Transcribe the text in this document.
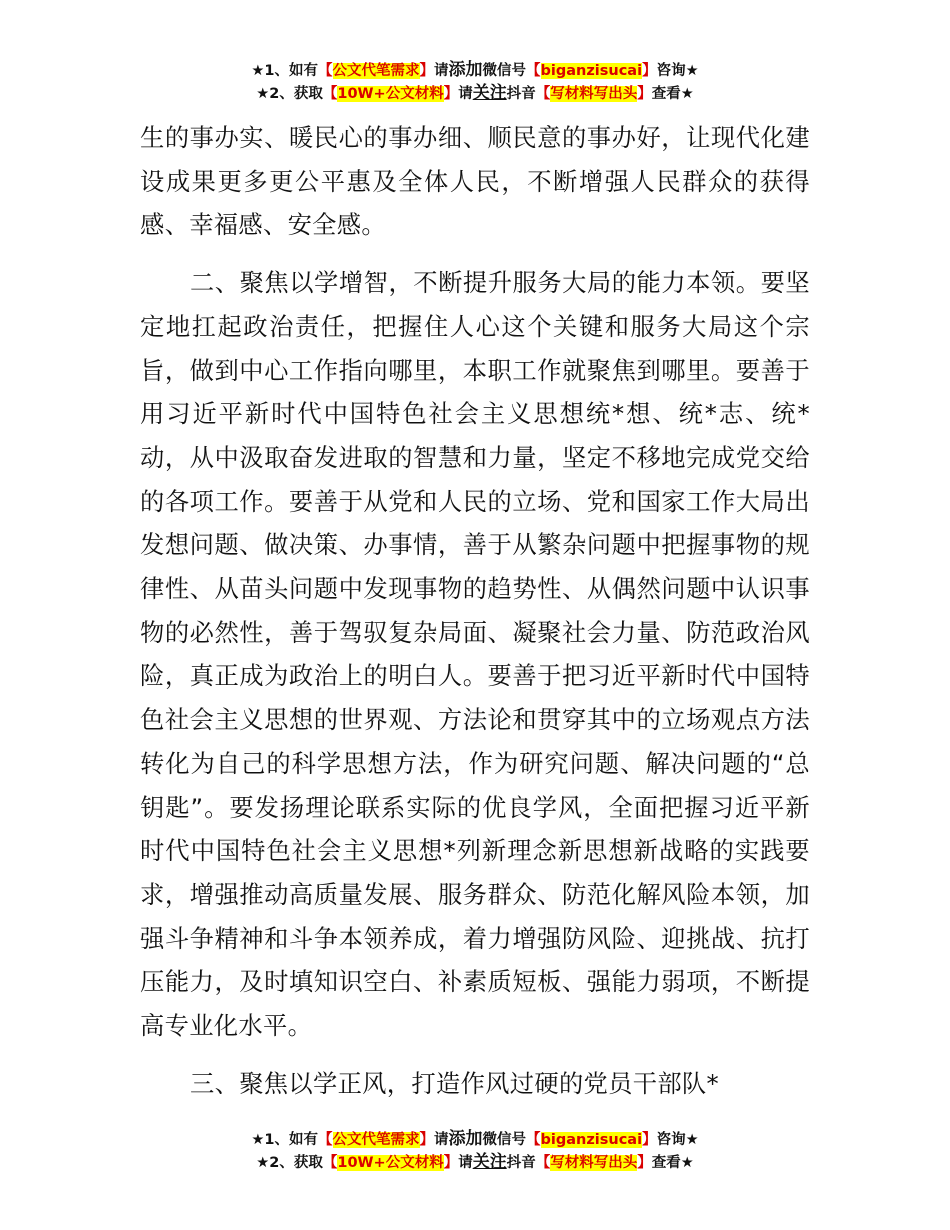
★1、如有【公文代笔需求】请添加微信号【biganzisucai】咨询★
★2、获取【10W+公文材料】请关注抖音【写材料写出头】查看★

生的事办实、暖民心的事办细、顺民意的事办好，让现代化建设成果更多更公平惠及全体人民，不断增强人民群众的获得感、幸福感、安全感。

二、聚焦以学增智，不断提升服务大局的能力本领。要坚定地扛起政治责任，把握住人心这个关键和服务大局这个宗旨，做到中心工作指向哪里，本职工作就聚焦到哪里。要善于用习近平新时代中国特色社会主义思想统*想、统*志、统*动，从中汲取奋发进取的智慧和力量，坚定不移地完成党交给的各项工作。要善于从党和人民的立场、党和国家工作大局出发想问题、做决策、办事情，善于从繁杂问题中把握事物的规律性、从苗头问题中发现事物的趋势性、从偶然问题中认识事物的必然性，善于驾驭复杂局面、凝聚社会力量、防范政治风险，真正成为政治上的明白人。要善于把习近平新时代中国特色社会主义思想的世界观、方法论和贯穿其中的立场观点方法转化为自己的科学思想方法，作为研究问题、解决问题的“总钥匙”。要发扬理论联系实际的优良学风，全面把握习近平新时代中国特色社会主义思想*列新理念新思想新战略的实践要求，增强推动高质量发展、服务群众、防范化解风险本领，加强斗争精神和斗争本领养成，着力增强防风险、迎挑战、抗打压能力，及时填知识空白、补素质短板、强能力弱项，不断提高专业化水平。

三、聚焦以学正风，打造作风过硬的党员干部队*

★1、如有【公文代笔需求】请添加微信号【biganzisucai】咨询★
★2、获取【10W+公文材料】请关注抖音【写材料写出头】查看★
